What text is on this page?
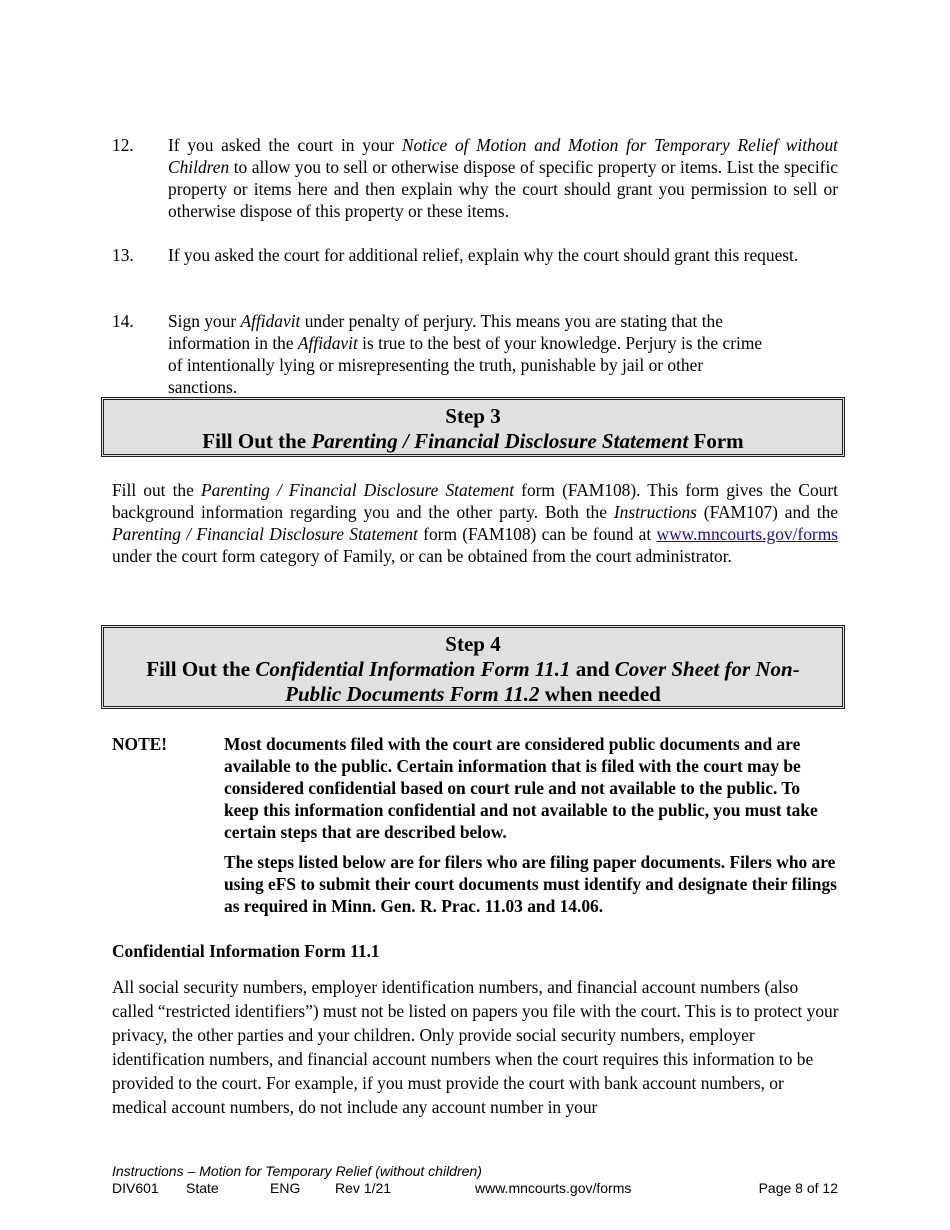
12. If you asked the court in your Notice of Motion and Motion for Temporary Relief without Children to allow you to sell or otherwise dispose of specific property or items. List the specific property or items here and then explain why the court should grant you permission to sell or otherwise dispose of this property or these items.
13. If you asked the court for additional relief, explain why the court should grant this request.
14. Sign your Affidavit under penalty of perjury. This means you are stating that the information in the Affidavit is true to the best of your knowledge. Perjury is the crime of intentionally lying or misrepresenting the truth, punishable by jail or other sanctions.
Step 3
Fill Out the Parenting / Financial Disclosure Statement Form
Fill out the Parenting / Financial Disclosure Statement form (FAM108). This form gives the Court background information regarding you and the other party. Both the Instructions (FAM107) and the Parenting / Financial Disclosure Statement form (FAM108) can be found at www.mncourts.gov/forms under the court form category of Family, or can be obtained from the court administrator.
Step 4
Fill Out the Confidential Information Form 11.1 and Cover Sheet for Non-
Public Documents Form 11.2 when needed
NOTE!	Most documents filed with the court are considered public documents and are available to the public. Certain information that is filed with the court may be considered confidential based on court rule and not available to the public. To keep this information confidential and not available to the public, you must take certain steps that are described below.
The steps listed below are for filers who are filing paper documents. Filers who are using eFS to submit their court documents must identify and designate their filings as required in Minn. Gen. R. Prac. 11.03 and 14.06.
Confidential Information Form 11.1
All social security numbers, employer identification numbers, and financial account numbers (also called “restricted identifiers”) must not be listed on papers you file with the court. This is to protect your privacy, the other parties and your children. Only provide social security numbers, employer identification numbers, and financial account numbers when the court requires this information to be provided to the court. For example, if you must provide the court with bank account numbers, or medical account numbers, do not include any account number in your
Instructions – Motion for Temporary Relief (without children)
DIV601 State	ENG Rev 1/21	www.mncourts.gov/forms	Page 8 of 12
